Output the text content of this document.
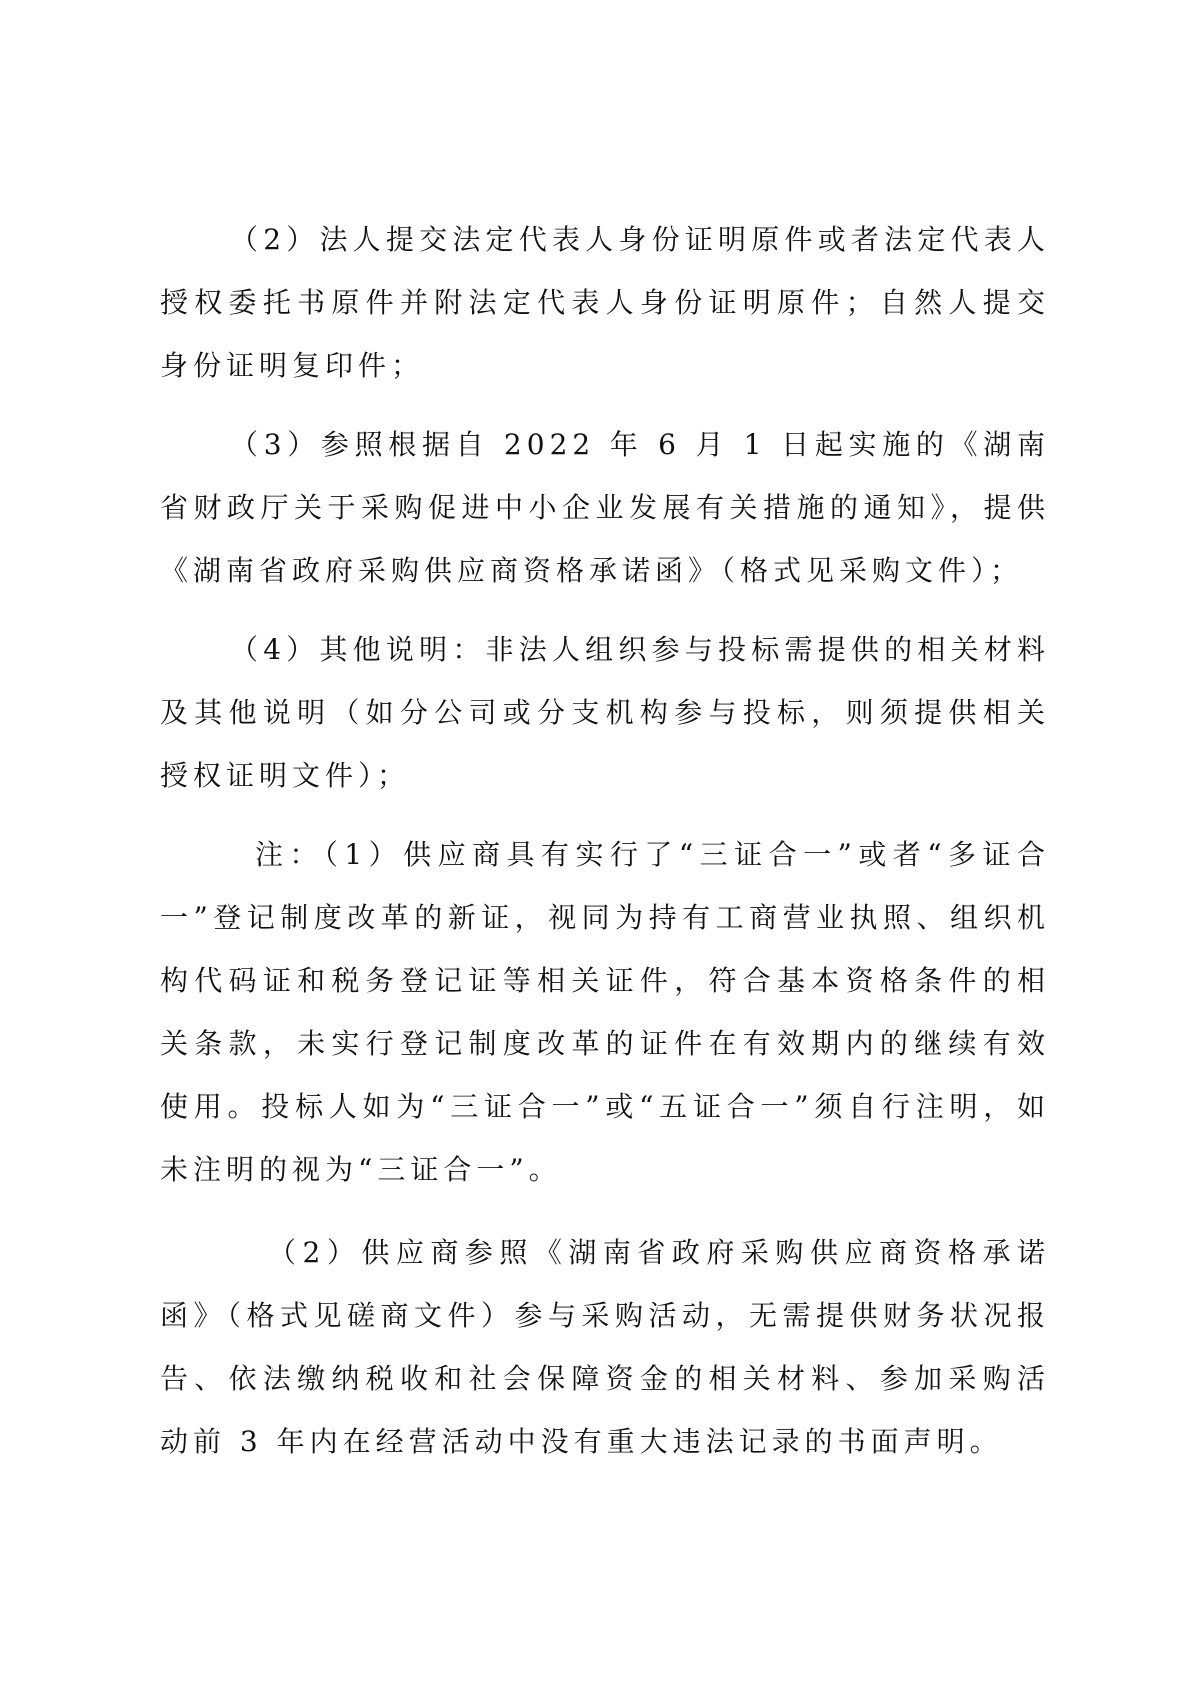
（2）法人提交法定代表人身份证明原件或者法定代表人授权委托书原件并附法定代表人身份证明原件；自然人提交身份证明复印件；

（3）参照根据自 2022 年 6 月 1 日起实施的《湖南省财政厅关于采购促进中小企业发展有关措施的通知》，提供《湖南省政府采购供应商资格承诺函》（格式见采购文件）；

（4）其他说明：非法人组织参与投标需提供的相关材料及其他说明（如分公司或分支机构参与投标，则须提供相关授权证明文件）；

注：（1）供应商具有实行了“三证合一”或者“多证合一”登记制度改革的新证，视同为持有工商营业执照、组织机构代码证和税务登记证等相关证件，符合基本资格条件的相关条款，未实行登记制度改革的证件在有效期内的继续有效使用。投标人如为“三证合一”或“五证合一”须自行注明，如未注明的视为“三证合一”。

（2）供应商参照《湖南省政府采购供应商资格承诺函》（格式见磋商文件）参与采购活动，无需提供财务状况报告、依法缴纳税收和社会保障资金的相关材料、参加采购活动前 3 年内在经营活动中没有重大违法记录的书面声明。
